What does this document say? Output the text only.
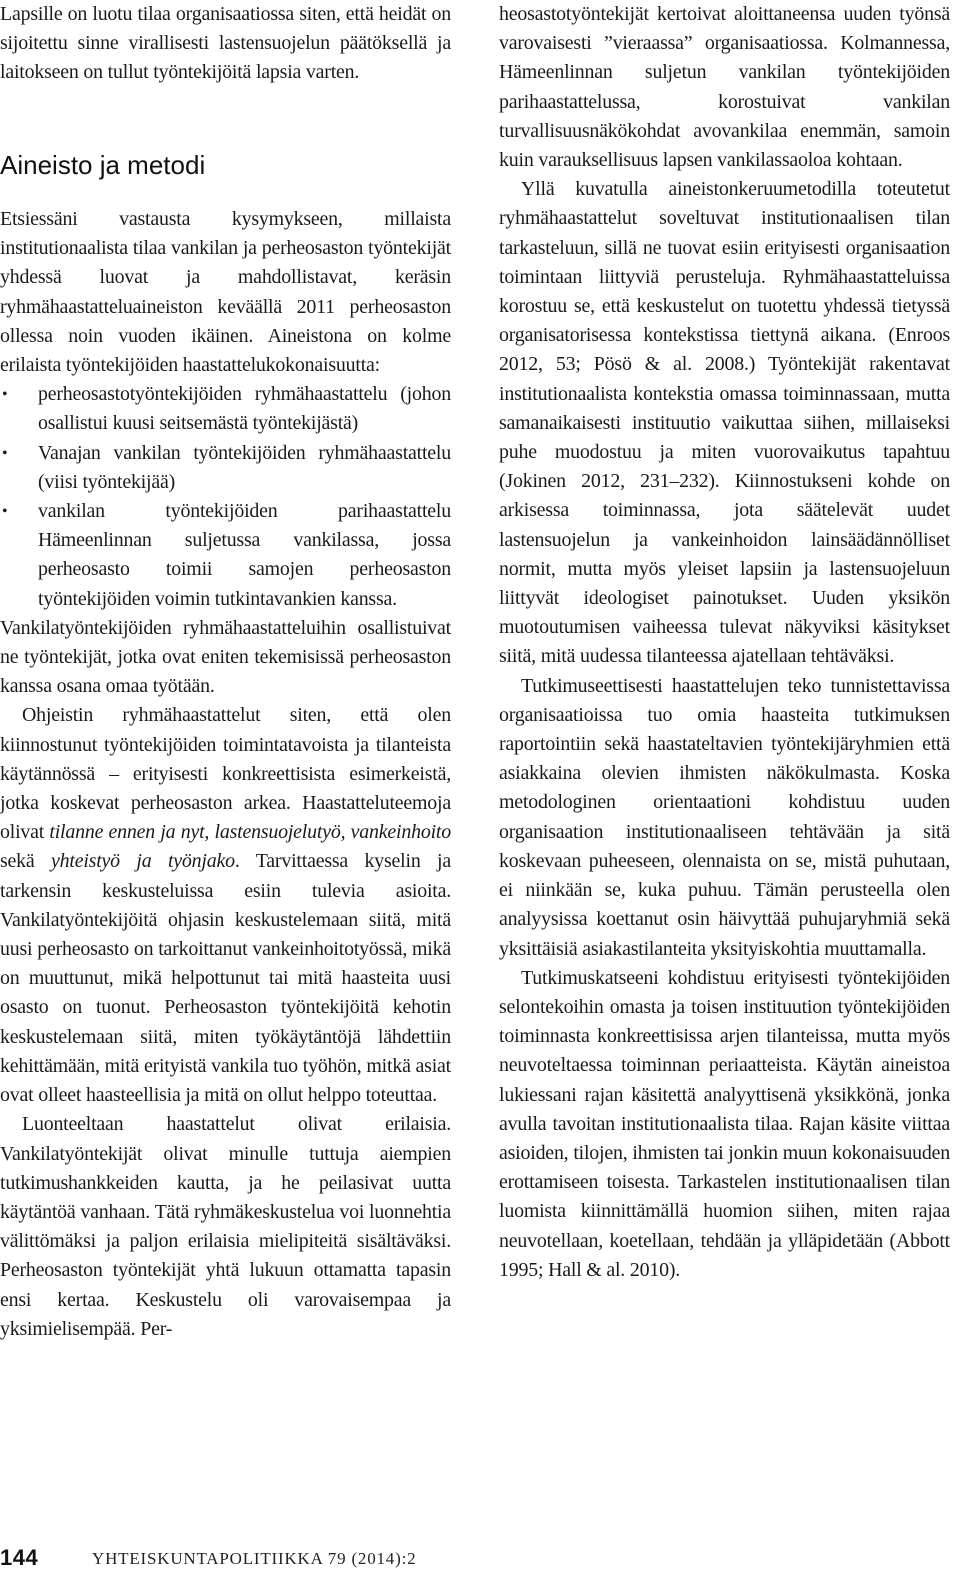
Lapsille on luotu tilaa organisaatiossa siten, että heidät on sijoitettu sinne virallisesti lastensuojelun päätöksellä ja laitokseen on tullut työntekijöitä lapsia varten.

Aineisto ja metodi

Etsiessäni vastausta kysymykseen, millaista institutionaalista tilaa vankilan ja perheosaston työntekijät yhdessä luovat ja mahdollistavat, keräsin ryhmähaastatteluaineiston keväällä 2011 perheosaston ollessa noin vuoden ikäinen. Aineistona on kolme erilaista työntekijöiden haastattelukokonaisuutta:

• perheosastotyöntekijöiden ryhmähaastattelu (johon osallistui kuusi seitsemästä työntekijästä)
• Vanajan vankilan työntekijöiden ryhmähaastattelu (viisi työntekijää)
• vankilan työntekijöiden parihaastattelu Hämeenlinnan suljetussa vankilassa, jossa perheosasto toimii samojen perheosaston työntekijöiden voimin tutkintavankien kanssa.

Vankilatyöntekijöiden ryhmähaastatteluihin osallistuivat ne työntekijät, jotka ovat eniten tekemisissä perheosaston kanssa osana omaa työtään.

Ohjeistin ryhmähaastattelut siten, että olen kiinnostunut työntekijöiden toimintatavoista ja tilanteista käytännössä – erityisesti konkreettisista esimerkeistä, jotka koskevat perheosaston arkea. Haastatteluteemoja olivat tilanne ennen ja nyt, lastensuojelutyö, vankeinhoito sekä yhteistyö ja työnjako. Tarvittaessa kyselin ja tarkensin keskusteluissa esiin tulevia asioita. Vankilatyöntekijöitä ohjasin keskustelemaan siitä, mitä uusi perheosasto on tarkoittanut vankeinhoitotyössä, mikä on muuttunut, mikä helpottunut tai mitä haasteita uusi osasto on tuonut. Perheosaston työntekijöitä kehotin keskustelemaan siitä, miten työkäytäntöjä lähdettiin kehittämään, mitä erityistä vankila tuo työhön, mitkä asiat ovat olleet haasteellisia ja mitä on ollut helppo toteuttaa.

Luonteeltaan haastattelut olivat erilaisia. Vankilatyöntekijät olivat minulle tuttuja aiempien tutkimushankkeiden kautta, ja he peilasivat uutta käytäntöä vanhaan. Tätä ryhmäkeskustelua voi luonnehtia välittömäksi ja paljon erilaisia mielipiteitä sisältäväksi. Perheosaston työntekijät yhtä lukuun ottamatta tapasin ensi kertaa. Keskustelu oli varovaisempaa ja yksimielisempää. Per-

heosastotyöntekijät kertoivat aloittaneensa uuden työnsä varovaisesti ”vieraassa” organisaatiossa. Kolmannessa, Hämeenlinnan suljetun vankilan työntekijöiden parihaastattelussa, korostuivat vankilan turvallisuusnäkökohdat avovankilaa enemmän, samoin kuin varauksellisuus lapsen vankilassaoloa kohtaan.

Yllä kuvatulla aineistonkeruumetodilla toteutetut ryhmähaastattelut soveltuvat institutionaalisen tilan tarkasteluun, sillä ne tuovat esiin erityisesti organisaation toimintaan liittyviä perusteluja. Ryhmähaastatteluissa korostuu se, että keskustelut on tuotettu yhdessä tietyssä organisatorisessa kontekstissa tiettynä aikana. (Enroos 2012, 53; Pösö & al. 2008.) Työntekijät rakentavat institutionaalista kontekstia omassa toiminnassaan, mutta samanaikaisesti instituutio vaikuttaa siihen, millaiseksi puhe muodostuu ja miten vuorovaikutus tapahtuu (Jokinen 2012, 231–232). Kiinnostukseni kohde on arkisessa toiminnassa, jota säätelevät uudet lastensuojelun ja vankeinhoidon lainsäädännölliset normit, mutta myös yleiset lapsiin ja lastensuojeluun liittyvät ideologiset painotukset. Uuden yksikön muotoutumisen vaiheessa tulevat näkyviksi käsitykset siitä, mitä uudessa tilanteessa ajatellaan tehtäväksi.

Tutkimuseettisesti haastattelujen teko tunnistettavissa organisaatioissa tuo omia haasteita tutkimuksen raportointiin sekä haastateltavien työntekijäryhmien että asiakkaina olevien ihmisten näkökulmasta. Koska metodologinen orientaationi kohdistuu uuden organisaation institutionaaliseen tehtävään ja sitä koskevaan puheeseen, olennaista on se, mistä puhutaan, ei niinkään se, kuka puhuu. Tämän perusteella olen analyysissa koettanut osin häivyttää puhujaryhmiä sekä yksittäisiä asiakastilanteita yksityiskohtia muuttamalla.

Tutkimuskatseeni kohdistuu erityisesti työntekijöiden selontekoihin omasta ja toisen instituution työntekijöiden toiminnasta konkreettisissa arjen tilanteissa, mutta myös neuvoteltaessa toiminnan periaatteista. Käytän aineistoa lukiessani rajan käsitettä analyyttisenä yksikkönä, jonka avulla tavoitan institutionaalista tilaa. Rajan käsite viittaa asioiden, tilojen, ihmisten tai jonkin muun kokonaisuuden erottamiseen toisesta. Tarkastelen institutionaalisen tilan luomista kiinnittämällä huomion siihen, miten rajaa neuvotellaan, koetellaan, tehdään ja ylläpidetään (Abbott 1995; Hall & al. 2010).

144	YHTEISKUNTAPOLITIIKKA 79 (2014):2
